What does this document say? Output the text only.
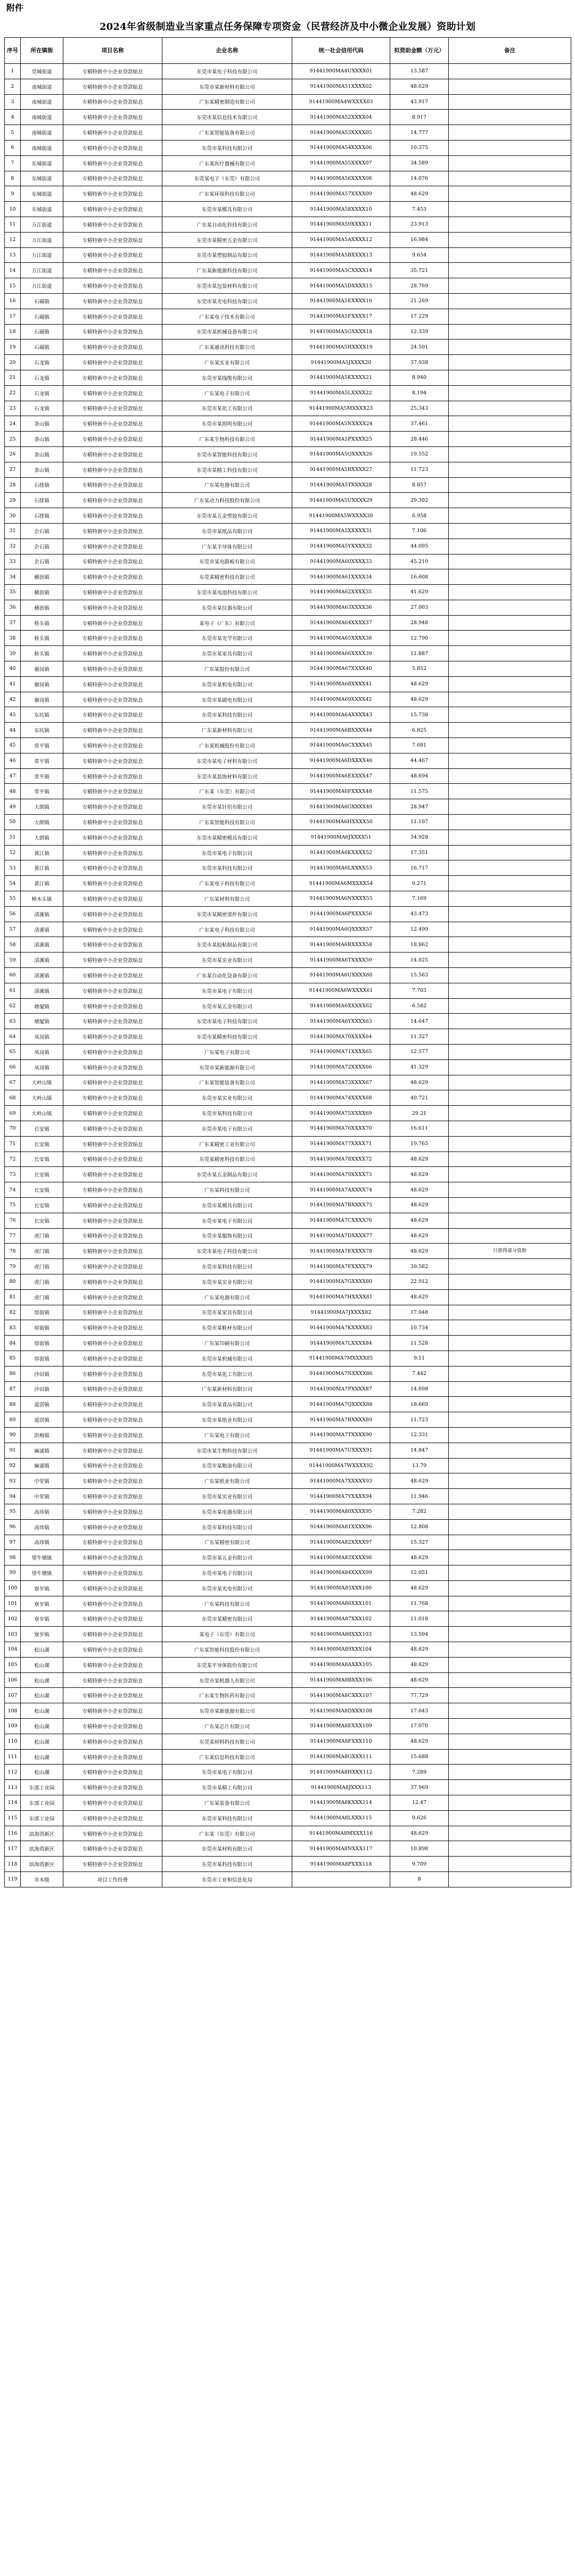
附件
2024年省级制造业当家重点任务保障专项资金（民营经济及中小微企业发展）资助计划
序号	所在镇街	项目名称	企业名称	统一社会信用代码	拟资助金额（万元）	备注
1	莞城街道	专精特新中小企业贷款贴息	东莞市某电子科技有限公司	91441900MA4UXXXX01	13.587	
2	南城街道	专精特新中小企业贷款贴息	东莞市某新材料有限公司	91441900MA51XXXX02	48.629	
3	南城街道	专精特新中小企业贷款贴息	广东某精密制造有限公司	91441900MA4WXXXX03	43.917	
4	南城街道	专精特新中小企业贷款贴息	东莞市某信息技术有限公司	91441900MA52XXXX04	8.917	
5	南城街道	专精特新中小企业贷款贴息	广东某智能装备有限公司	91441900MA53XXXX05	14.777	
6	南城街道	专精特新中小企业贷款贴息	东莞市某科技有限公司	91441900MA54XXXX06	10.375	
7	东城街道	专精特新中小企业贷款贴息	广东某医疗器械有限公司	91441900MA55XXXX07	34.589	
8	东城街道	专精特新中小企业贷款贴息	东莞某电子（东莞）有限公司	91441900MA56XXXX08	14.076	
9	东城街道	专精特新中小企业贷款贴息	广东某环保科技有限公司	91441900MA57XXXX09	48.629	
10	东城街道	专精特新中小企业贷款贴息	东莞市某模具有限公司	91441900MA58XXXX10	7.453	
11	万江街道	专精特新中小企业贷款贴息	广东某自动化科技有限公司	91441900MA59XXXX11	23.913	
12	万江街道	专精特新中小企业贷款贴息	东莞市某精密五金有限公司	91441900MA5AXXXX12	16.984	
13	万江街道	专精特新中小企业贷款贴息	东莞市某塑胶制品有限公司	91441900MA5BXXXX13	9.654	
14	万江街道	专精特新中小企业贷款贴息	广东某新能源科技有限公司	91441900MA5CXXXX14	35.721	
15	万江街道	专精特新中小企业贷款贴息	东莞市某包装材料有限公司	91441900MA5DXXXX15	28.769	
16	石碣镇	专精特新中小企业贷款贴息	东莞市某光电科技有限公司	91441900MA5EXXXX16	21.269	
17	石碣镇	专精特新中小企业贷款贴息	广东某电子技术有限公司	91441900MA5FXXXX17	17.229	
18	石碣镇	专精特新中小企业贷款贴息	东莞市某机械设备有限公司	91441900MA5GXXXX18	12.339	
19	石碣镇	专精特新中小企业贷款贴息	广东某通讯科技有限公司	91441900MA5HXXXX19	24.591	
20	石龙镇	专精特新中小企业贷款贴息	广东某实业有限公司	91441900MA5JXXXX20	37.938	
21	石龙镇	专精特新中小企业贷款贴息	东莞市某线缆有限公司	91441900MA5KXXXX21	8.940	
22	石龙镇	专精特新中小企业贷款贴息	广东某电子有限公司	91441900MA5LXXXX22	8.194	
23	石龙镇	专精特新中小企业贷款贴息	东莞市某化工有限公司	91441900MA5MXXXX23	25.343	
24	茶山镇	专精特新中小企业贷款贴息	东莞市某照明有限公司	91441900MA5NXXXX24	37.461	
25	茶山镇	专精特新中小企业贷款贴息	广东某生物科技有限公司	91441900MA5PXXXX25	28.446	
26	茶山镇	专精特新中小企业贷款贴息	东莞市某智能科技有限公司	91441900MA5QXXXX26	19.552	
27	茶山镇	专精特新中小企业贷款贴息	东莞市某精工科技有限公司	91441900MA5RXXXX27	11.723	
28	石排镇	专精特新中小企业贷款贴息	广东某电器有限公司	91441900MA5TXXXX28	8.857	
29	石排镇	专精特新中小企业贷款贴息	广东某动力科技股份有限公司	91441900MA5UXXXX29	29.302	
30	石排镇	专精特新中小企业贷款贴息	东莞市某五金塑胶有限公司	91441900MA5WXXXX30	6.958	
31	企石镇	专精特新中小企业贷款贴息	东莞市某纸品有限公司	91441900MA5XXXXX31	7.106	
32	企石镇	专精特新中小企业贷款贴息	广东某半导体有限公司	91441900MA5YXXXX32	44.095	
33	企石镇	专精特新中小企业贷款贴息	东莞市某电路板有限公司	91441900MA60XXXX33	45.219	
34	横沥镇	专精特新中小企业贷款贴息	东莞某精密科技有限公司	91441900MA61XXXX34	16.608	
35	横沥镇	专精特新中小企业贷款贴息	东莞市某电池科技有限公司	91441900MA62XXXX35	41.629	
36	横沥镇	专精特新中小企业贷款贴息	东莞市某仪器有限公司	91441900MA63XXXX36	27.003	
37	桥头镇	专精特新中小企业贷款贴息	某电子（广东）有限公司	91441900MA64XXXX37	28.948	
38	桥头镇	专精特新中小企业贷款贴息	东莞市某光学有限公司	91441900MA65XXXX38	12.790	
39	桥头镇	专精特新中小企业贷款贴息	东莞市某家具有限公司	91441900MA66XXXX39	11.887	
40	谢岗镇	专精特新中小企业贷款贴息	广东某股份有限公司	91441900MA67XXXX40	5.852	
41	谢岗镇	专精特新中小企业贷款贴息	东莞市某机电有限公司	91441900MA68XXXX41	48.629	
42	谢岗镇	专精特新中小企业贷款贴息	东莞市某磁电有限公司	91441900MA69XXXX42	48.629	
43	东坑镇	专精特新中小企业贷款贴息	东莞市某科技有限公司	91441900MA6AXXXX43	15.738	
44	东坑镇	专精特新中小企业贷款贴息	广东某新材料有限公司	91441900MA6BXXXX44	6.825	
45	常平镇	专精特新中小企业贷款贴息	广东某机械股份有限公司	91441900MA6CXXXX45	7.681	
46	常平镇	专精特新中小企业贷款贴息	东莞市某电子材料有限公司	91441900MA6DXXXX46	44.467	
47	常平镇	专精特新中小企业贷款贴息	东莞市某装饰材料有限公司	91441900MA6EXXXX47	48.694	
48	常平镇	专精特新中小企业贷款贴息	广东某（东莞）有限公司	91441900MA6FXXXX48	11.575	
49	大朗镇	专精特新中小企业贷款贴息	东莞市某针织有限公司	91441900MA6GXXXX49	28.947	
50	大朗镇	专精特新中小企业贷款贴息	广东某智能科技有限公司	91441900MA6HXXXX50	11.107	
51	大朗镇	专精特新中小企业贷款贴息	东莞市某精密模具有限公司	91441900MA6JXXXX51	34.928	
52	黄江镇	专精特新中小企业贷款贴息	东莞市某电子有限公司	91441900MA6KXXXX52	17.351	
53	黄江镇	专精特新中小企业贷款贴息	东莞市某科技有限公司	91441900MA6LXXXX53	16.717	
54	黄江镇	专精特新中小企业贷款贴息	广东某电子科技有限公司	91441900MA6MXXXX54	9.271	
55	樟木头镇	专精特新中小企业贷款贴息	广东某材料有限公司	91441900MA6NXXXX55	7.169	
56	清溪镇	专精特新中小企业贷款贴息	东莞市某精密部件有限公司	91441900MA6PXXXX56	43.473	
57	清溪镇	专精特新中小企业贷款贴息	广东某电子科技有限公司	91441900MA6QXXXX57	12.499	
58	清溪镇	专精特新中小企业贷款贴息	东莞市某胶粘制品有限公司	91441900MA6RXXXX58	18.862	
59	清溪镇	专精特新中小企业贷款贴息	东莞市某实业有限公司	91441900MA6TXXXX59	14.025	
60	清溪镇	专精特新中小企业贷款贴息	广东某自动化设备有限公司	91441900MA6UXXXX60	15.563	
61	清溪镇	专精特新中小企业贷款贴息	东莞市某电子有限公司	91441900MA6WXXXX61	7.703	
62	塘厦镇	专精特新中小企业贷款贴息	东莞市某五金有限公司	91441900MA6XXXXX62	6.582	
63	塘厦镇	专精特新中小企业贷款贴息	东莞市某电子科技有限公司	91441900MA6YXXXX63	14.647	
64	凤岗镇	专精特新中小企业贷款贴息	东莞市某精密科技有限公司	91441900MA70XXXX64	11.327	
65	凤岗镇	专精特新中小企业贷款贴息	广东某电子有限公司	91441900MA71XXXX65	12.577	
66	凤岗镇	专精特新中小企业贷款贴息	东莞市某新能源有限公司	91441900MA72XXXX66	41.329	
67	大岭山镇	专精特新中小企业贷款贴息	广东某智能装备有限公司	91441900MA73XXXX67	48.629	
68	大岭山镇	专精特新中小企业贷款贴息	东莞市某实业有限公司	91441900MA74XXXX68	40.721	
69	大岭山镇	专精特新中小企业贷款贴息	东莞市某科技有限公司	91441900MA75XXXX69	29.21	
70	长安镇	专精特新中小企业贷款贴息	东莞市某电子有限公司	91441900MA76XXXX70	16.611	
71	长安镇	专精特新中小企业贷款贴息	广东某精密工业有限公司	91441900MA77XXXX71	19.765	
72	长安镇	专精特新中小企业贷款贴息	东莞某精密科技有限公司	91441900MA78XXXX72	48.629	
73	长安镇	专精特新中小企业贷款贴息	东莞市某五金制品有限公司	91441900MA79XXXX73	48.629	
74	长安镇	专精特新中小企业贷款贴息	广东某科技有限公司	91441900MA7AXXXX74	48.629	
75	长安镇	专精特新中小企业贷款贴息	东莞市某模具有限公司	91441900MA7BXXXX75	48.629	
76	长安镇	专精特新中小企业贷款贴息	东莞市某电子有限公司	91441900MA7CXXXX76	48.629	
77	虎门镇	专精特新中小企业贷款贴息	东莞市某服饰有限公司	91441900MA7DXXXX77	48.629	
78	虎门镇	专精特新中小企业贷款贴息	东莞市某电子科技有限公司	91441900MA7EXXXX78	48.629	只获得部分资助
79	虎门镇	专精特新中小企业贷款贴息	东莞市某科技有限公司	91441900MA7FXXXX79	39.582	
80	虎门镇	专精特新中小企业贷款贴息	东莞市某实业有限公司	91441900MA7GXXXX80	22.912	
81	虎门镇	专精特新中小企业贷款贴息	广东某电器有限公司	91441900MA7HXXXX81	48.629	
82	厚街镇	专精特新中小企业贷款贴息	东莞市某家具有限公司	91441900MA7JXXXX82	17.048	
83	厚街镇	专精特新中小企业贷款贴息	东莞市某鞋材有限公司	91441900MA7KXXXX83	10.734	
84	厚街镇	专精特新中小企业贷款贴息	广东某印刷有限公司	91441900MA7LXXXX84	11.528	
85	厚街镇	专精特新中小企业贷款贴息	东莞市某机械有限公司	91441900MA7MXXXX85	9.11	
86	沙田镇	专精特新中小企业贷款贴息	东莞市某化工有限公司	91441900MA7NXXXX86	7.442	
87	沙田镇	专精特新中小企业贷款贴息	广东某新材料有限公司	91441900MA7PXXXX87	14.098	
88	道滘镇	专精特新中小企业贷款贴息	东莞市某食品有限公司	91441900MA7QXXXX88	18.669	
89	道滘镇	专精特新中小企业贷款贴息	东莞市某纸业有限公司	91441900MA7RXXXX89	11.723	
90	洪梅镇	专精特新中小企业贷款贴息	广东某电子有限公司	91441900MA7TXXXX90	12.331	
91	麻涌镇	专精特新中小企业贷款贴息	东莞市某生物科技有限公司	91441900MA7UXXXX91	14.847	
92	麻涌镇	专精特新中小企业贷款贴息	东莞市某粮油有限公司	91441900MA7WXXXX92	13.79	
93	中堂镇	专精特新中小企业贷款贴息	广东某纸业有限公司	91441900MA7XXXXX93	48.629	
94	中堂镇	专精特新中小企业贷款贴息	东莞市某实业有限公司	91441900MA7YXXXX94	11.946	
95	高埗镇	专精特新中小企业贷款贴息	东莞市某电器有限公司	91441900MA80XXXX95	7.282	
96	高埗镇	专精特新中小企业贷款贴息	东莞市某科技有限公司	91441900MA81XXXX96	12.808	
97	高埗镇	专精特新中小企业贷款贴息	广东某精密有限公司	91441900MA82XXXX97	15.327	
98	望牛墩镇	专精特新中小企业贷款贴息	东莞市某五金有限公司	91441900MA83XXXX98	48.629	
99	望牛墩镇	专精特新中小企业贷款贴息	东莞市某电子有限公司	91441900MA84XXXX99	12.051	
100	寮步镇	专精特新中小企业贷款贴息	东莞市某光电有限公司	91441900MA85XXX100	48.629	
101	寮步镇	专精特新中小企业贷款贴息	广东某科技有限公司	91441900MA86XXX101	11.768	
102	寮步镇	专精特新中小企业贷款贴息	东莞市某精密有限公司	91441900MA87XXX102	11.018	
103	寮步镇	专精特新中小企业贷款贴息	某电子（东莞）有限公司	91441900MA88XXX103	13.594	
104	松山湖	专精特新中小企业贷款贴息	广东某智能科技股份有限公司	91441900MA89XXX104	48.629	
105	松山湖	专精特新中小企业贷款贴息	东莞某半导体股份有限公司	91441900MA8AXXX105	48.629	
106	松山湖	专精特新中小企业贷款贴息	东莞市某机器人有限公司	91441900MA8BXXX106	48.629	
107	松山湖	专精特新中小企业贷款贴息	广东某生物医药有限公司	91441900MA8CXXX107	77.729	
108	松山湖	专精特新中小企业贷款贴息	东莞市某新能源有限公司	91441900MA8DXXX108	17.643	
109	松山湖	专精特新中小企业贷款贴息	广东某芯片有限公司	91441900MA8EXXX109	17.070	
110	松山湖	专精特新中小企业贷款贴息	东莞某材料科技有限公司	91441900MA8FXXX110	48.629	
111	松山湖	专精特新中小企业贷款贴息	广东某信息科技有限公司	91441900MA8GXXX111	15.688	
112	松山湖	专精特新中小企业贷款贴息	东莞市某电子有限公司	91441900MA8HXXX112	7.289	
113	东部工业园	专精特新中小企业贷款贴息	东莞市某精工有限公司	91441900MA8JXXX113	37.969	
114	东部工业园	专精特新中小企业贷款贴息	广东某装备有限公司	91441900MA8KXXX114	12.47	
115	东部工业园	专精特新中小企业贷款贴息	东莞市某科技有限公司	91441900MA8LXXX115	9.626	
116	滨海湾新区	专精特新中小企业贷款贴息	广东某（东莞）有限公司	91441900MA8MXXX116	48.629	
117	滨海湾新区	专精特新中小企业贷款贴息	东莞市某材料有限公司	91441900MA8NXXX117	10.898	
118	滨海湾新区	专精特新中小企业贷款贴息	东莞市某科技有限公司	91441900MA8PXXX118	9.709	
119	市本级	项目工作经费	东莞市工业和信息化局		8	
